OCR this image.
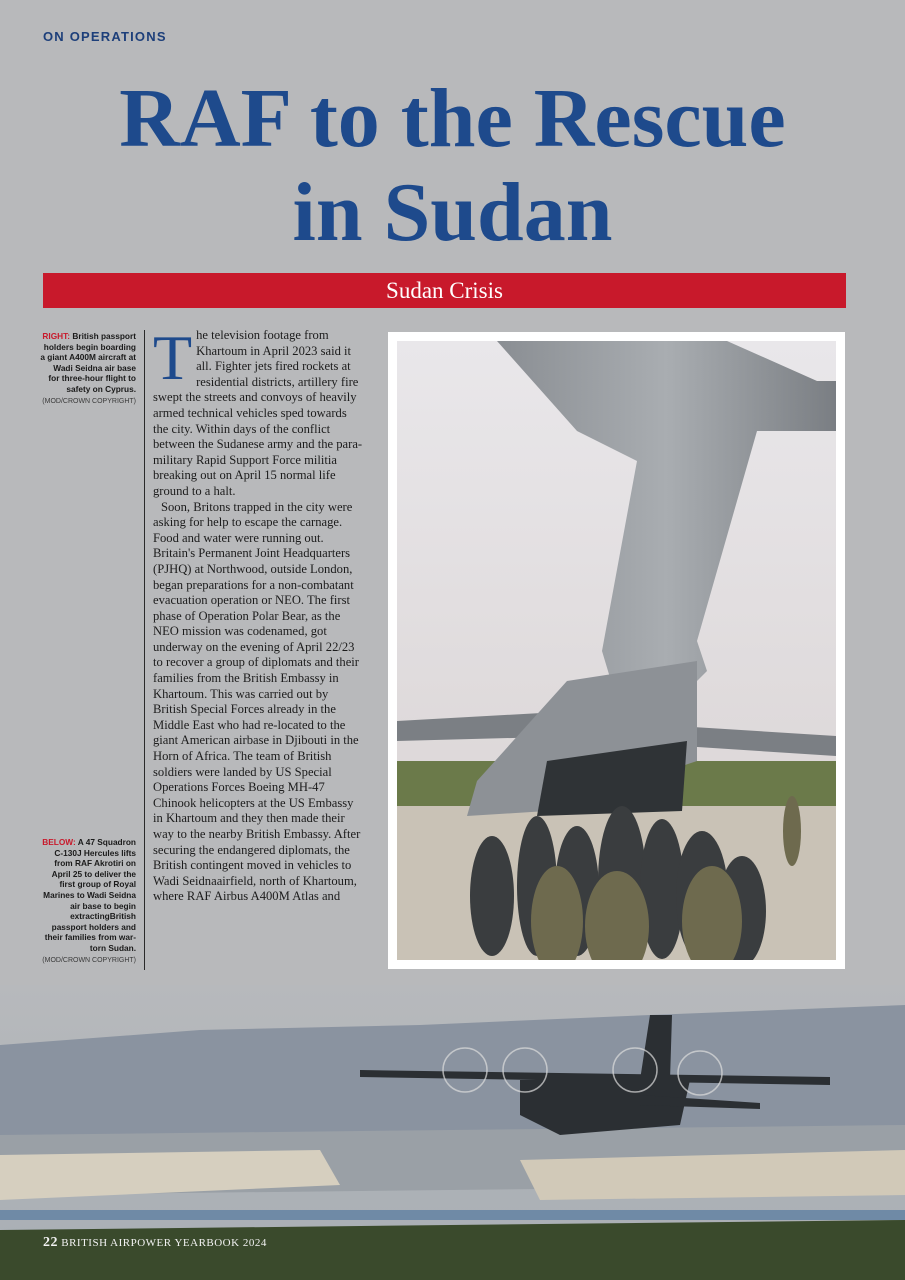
ON OPERATIONS
RAF to the Rescue
in Sudan
Sudan Crisis
RIGHT: British passport holders begin boarding a giant A400M aircraft at Wadi Seidna air base for three-hour flight to safety on Cyprus.
(MOD/CROWN COPYRIGHT)
BELOW: A 47 Squadron C-130J Hercules lifts from RAF Akrotiri on April 25 to deliver the first group of Royal Marines to Wadi Seidna air base to begin extractingBritish passport holders and their families from war-torn Sudan.
(MOD/CROWN COPYRIGHT)

The television footage from Khartoum in April 2023 said it all. Fighter jets fired rockets at residential districts, artillery fire swept the streets and convoys of heavily armed technical vehicles sped towards the city. Within days of the conflict between the Sudanese army and the para-military Rapid Support Force militia breaking out on April 15 normal life ground to a halt.

Soon, Britons trapped in the city were asking for help to escape the carnage. Food and water were running out. Britain's Permanent Joint Headquarters (PJHQ) at Northwood, outside London, began preparations for a non-combatant evacuation operation or NEO. The first phase of Operation Polar Bear, as the NEO mission was codenamed, got underway on the evening of April 22/23 to recover a group of diplomats and their families from the British Embassy in Khartoum. This was carried out by British Special Forces already in the Middle East who had re-located to the giant American airbase in Djibouti in the Horn of Africa. The team of British soldiers were landed by US Special Operations Forces Boeing MH-47 Chinook helicopters at the US Embassy in Khartoum and they then made their way to the nearby British Embassy. After securing the endangered diplomats, the British contingent moved in vehicles to Wadi Seidnaairfield, north of Khartoum, where RAF Airbus A400M Atlas and

22 BRITISH AIRPOWER YEARBOOK 2024
